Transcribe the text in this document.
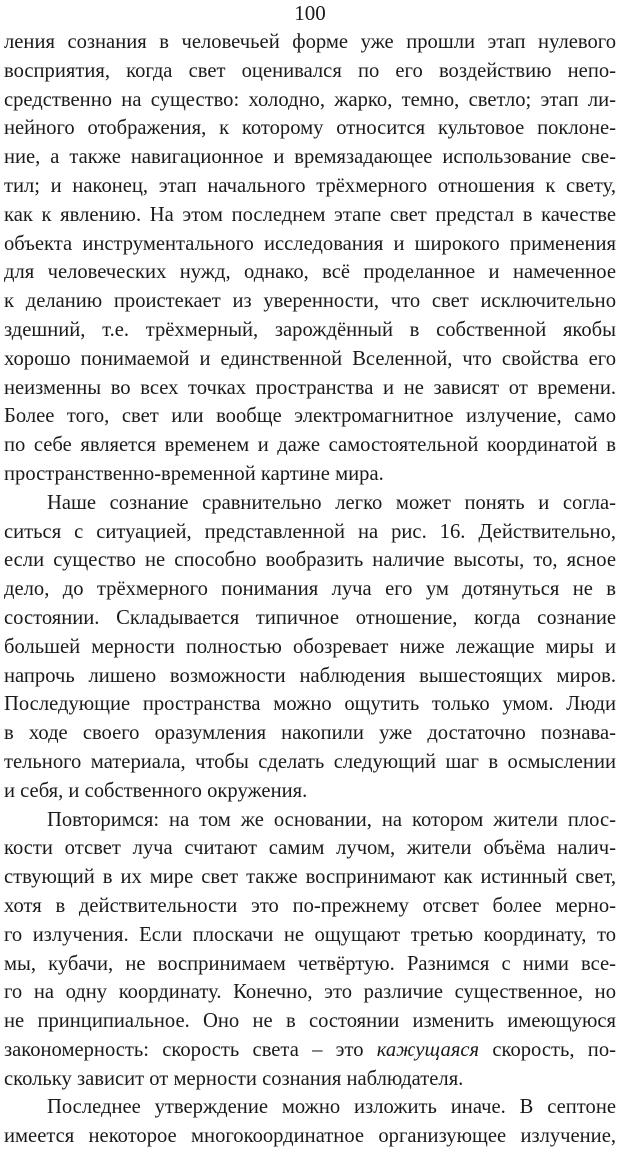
100
ления сознания в человечьей форме уже прошли этап нулевого
восприятия, когда свет оценивался по его воздействию непо-
средственно на существо: холодно, жарко, темно, светло; этап ли-
нейного отображения, к которому относится культовое поклоне-
ние, а также навигационное и времязадающее использование све-
тил; и наконец, этап начального трёхмерного отношения к свету,
как к явлению. На этом последнем этапе свет предстал в качестве
объекта инструментального исследования и широкого применения
для человеческих нужд, однако, всё проделанное и намеченное
к деланию проистекает из уверенности, что свет исключительно
здешний, т.е. трёхмерный, зарождённый в собственной якобы
хорошо понимаемой и единственной Вселенной, что свойства его
неизменны во всех точках пространства и не зависят от времени.
Более того, свет или вообще электромагнитное излучение, само
по себе является временем и даже самостоятельной координатой в
пространственно-временной картине мира.
Наше сознание сравнительно легко может понять и согла-
ситься с ситуацией, представленной на рис. 16. Действительно,
если существо не способно вообразить наличие высоты, то, ясное
дело, до трёхмерного понимания луча его ум дотянуться не в
состоянии. Складывается типичное отношение, когда сознание
большей мерности полностью обозревает ниже лежащие миры и
напрочь лишено возможности наблюдения вышестоящих миров.
Последующие пространства можно ощутить только умом. Люди
в ходе своего оразумления накопили уже достаточно познава-
тельного материала, чтобы сделать следующий шаг в осмыслении
и себя, и собственного окружения.
Повторимся: на том же основании, на котором жители плос-
кости отсвет луча считают самим лучом, жители объёма налич-
ствующий в их мире свет также воспринимают как истинный свет,
хотя в действительности это по-прежнему отсвет более мерно-
го излучения. Если плоскачи не ощущают третью координату, то
мы, кубачи, не воспринимаем четвёртую. Разнимся с ними все-
го на одну координату. Конечно, это различие существенное, но
не принципиальное. Оно не в состоянии изменить имеющуюся
закономерность: скорость света – это кажущаяся скорость, по-
скольку зависит от мерности сознания наблюдателя.
Последнее утверждение можно изложить иначе. В септоне
имеется некоторое многокоординатное организующее излучение,
